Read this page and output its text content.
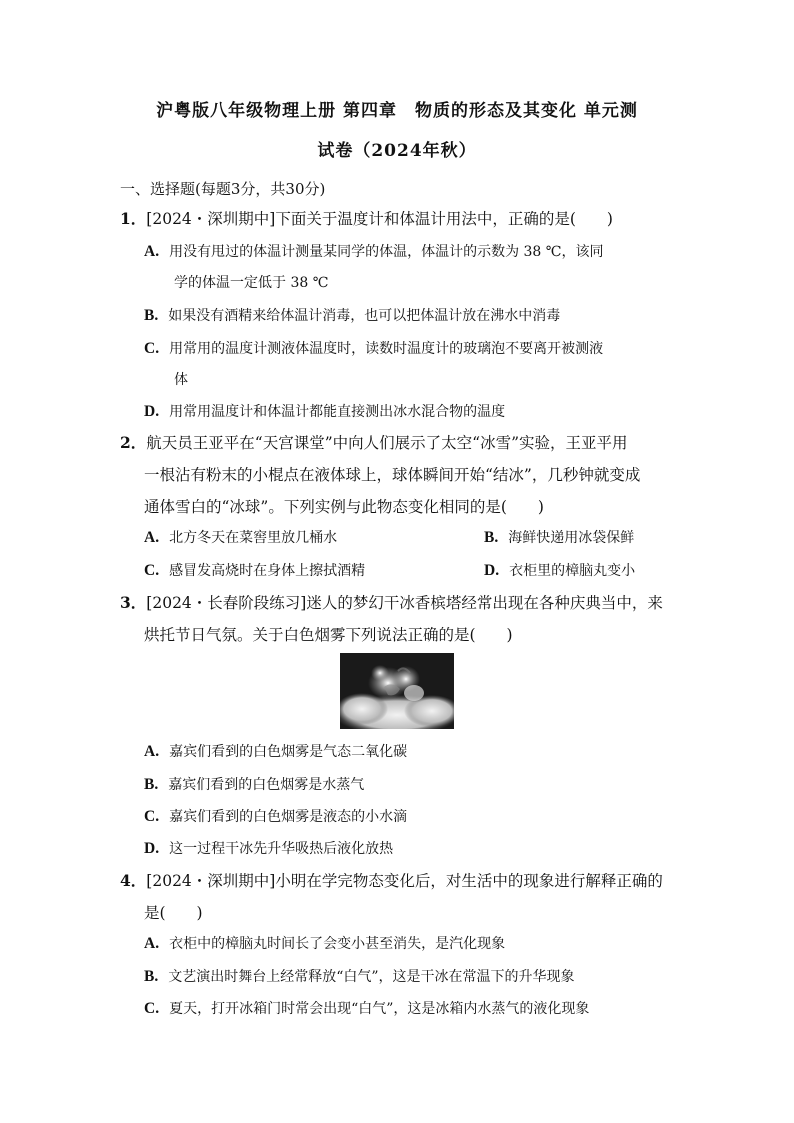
沪粤版八年级物理上册 第四章　物质的形态及其变化 单元测
试卷（2024年秋）
一、选择题(每题3分，共30分)
1．[2024・深圳期中]下面关于温度计和体温计用法中，正确的是(　　)
A. 用没有甩过的体温计测量某同学的体温，体温计的示数为 38 ℃，该同
学的体温一定低于 38 ℃
B. 如果没有酒精来给体温计消毒，也可以把体温计放在沸水中消毒
C. 用常用的温度计测液体温度时，读数时温度计的玻璃泡不要离开被测液
体
D. 用常用温度计和体温计都能直接测出冰水混合物的温度
2．航天员王亚平在“天宫课堂”中向人们展示了太空“冰雪”实验，王亚平用
一根沾有粉末的小棍点在液体球上，球体瞬间开始“结冰”，几秒钟就变成
通体雪白的“冰球”。下列实例与此物态变化相同的是(　　)
A. 北方冬天在菜窖里放几桶水	B. 海鲜快递用冰袋保鲜
C. 感冒发高烧时在身体上擦拭酒精	D. 衣柜里的樟脑丸变小
3．[2024・长春阶段练习]迷人的梦幻干冰香槟塔经常出现在各种庆典当中，来
烘托节日气氛。关于白色烟雾下列说法正确的是(　　)
A. 嘉宾们看到的白色烟雾是气态二氧化碳
B. 嘉宾们看到的白色烟雾是水蒸气
C. 嘉宾们看到的白色烟雾是液态的小水滴
D. 这一过程干冰先升华吸热后液化放热
4．[2024・深圳期中]小明在学完物态变化后，对生活中的现象进行解释正确的
是(　　)
A. 衣柜中的樟脑丸时间长了会变小甚至消失，是汽化现象
B. 文艺演出时舞台上经常释放“白气”，这是干冰在常温下的升华现象
C. 夏天，打开冰箱门时常会出现“白气”，这是冰箱内水蒸气的液化现象
